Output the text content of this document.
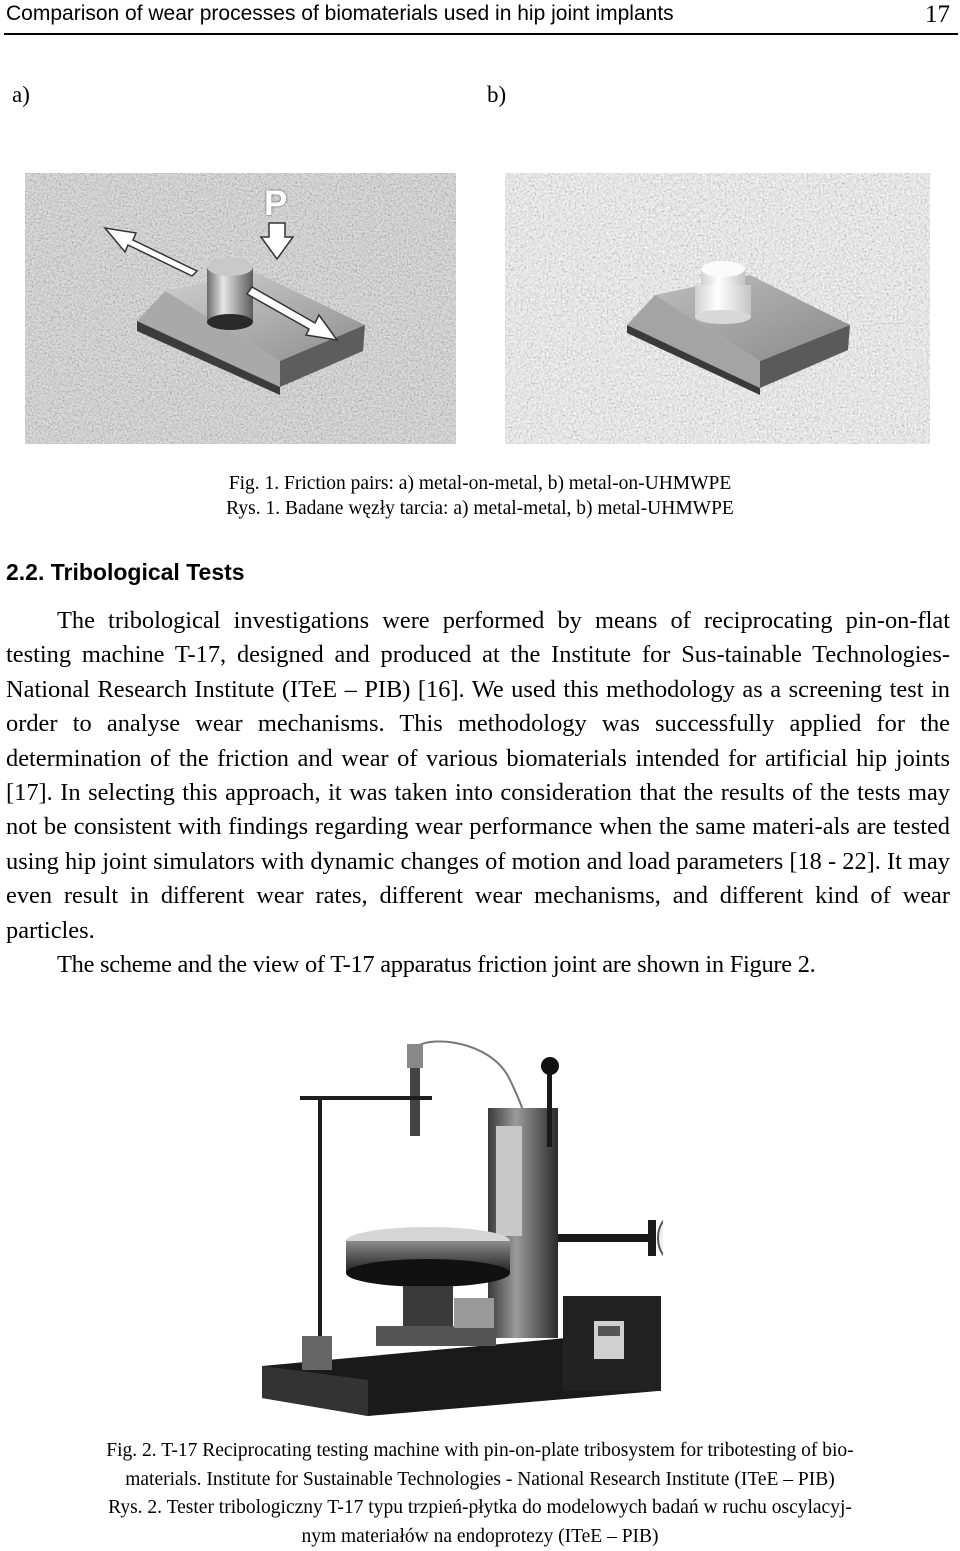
Comparison of wear processes of biomaterials used in hip joint implants	17
a)	b)
P
Fig. 1. Friction pairs: a) metal-on-metal, b) metal-on-UHMWPE
Rys. 1. Badane węzły tarcia: a) metal-metal, b) metal-UHMWPE
2.2. Tribological Tests

The tribological investigations were performed by means of reciprocating pin-on-flat testing machine T-17, designed and produced at the Institute for Sus-tainable Technologies-National Research Institute (ITeE – PIB) [16]. We used this methodology as a screening test in order to analyse wear mechanisms. This methodology was successfully applied for the determination of the friction and wear of various biomaterials intended for artificial hip joints [17]. In selecting this approach, it was taken into consideration that the results of the tests may not be consistent with findings regarding wear performance when the same materi-als are tested using hip joint simulators with dynamic changes of motion and load parameters [18 - 22]. It may even result in different wear rates, different wear mechanisms, and different kind of wear particles.

The scheme and the view of T-17 apparatus friction joint are shown in Figure 2.

Fig. 2. T-17 Reciprocating testing machine with pin-on-plate tribosystem for tribotesting of bio-
materials. Institute for Sustainable Technologies - National Research Institute (ITeE – PIB)
Rys. 2. Tester tribologiczny T-17 typu trzpień-płytka do modelowych badań w ruchu oscylacyj-
nym materiałów na endoprotezy (ITeE – PIB)
